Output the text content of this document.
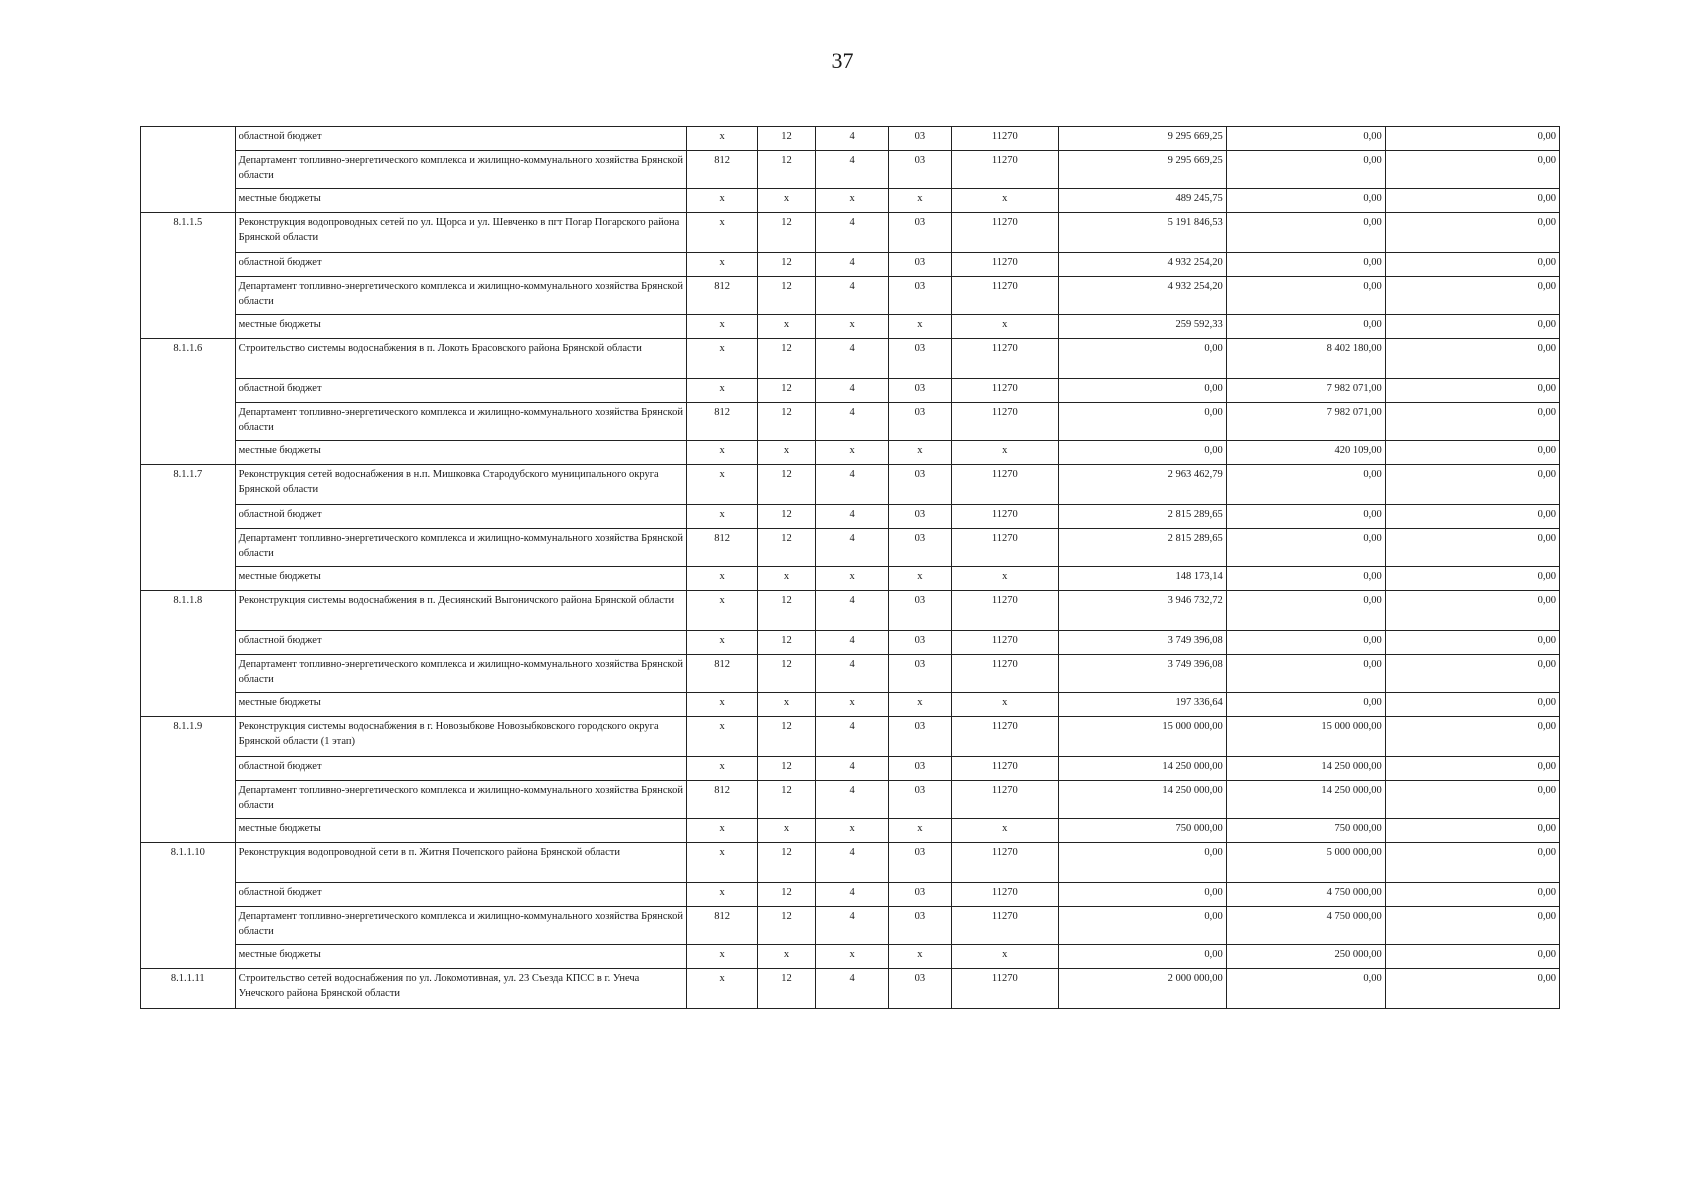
37
	областной бюджет	x	12	4	03	11270	9 295 669,25	0,00	0,00
	Департамент топливно-энергетического комплекса и жилищно-коммунального хозяйства Брянской области	812	12	4	03	11270	9 295 669,25	0,00	0,00
	местные бюджеты	x	x	x	x	x	489 245,75	0,00	0,00
8.1.1.5	Реконструкция водопроводных сетей по ул. Щорса и ул. Шевченко в пгт Погар Погарского района Брянской области	x	12	4	03	11270	5 191 846,53	0,00	0,00
	областной бюджет	x	12	4	03	11270	4 932 254,20	0,00	0,00
	Департамент топливно-энергетического комплекса и жилищно-коммунального хозяйства Брянской области	812	12	4	03	11270	4 932 254,20	0,00	0,00
	местные бюджеты	x	x	x	x	x	259 592,33	0,00	0,00
8.1.1.6	Строительство системы водоснабжения в п. Локоть Брасовского района Брянской области	x	12	4	03	11270	0,00	8 402 180,00	0,00
	областной бюджет	x	12	4	03	11270	0,00	7 982 071,00	0,00
	Департамент топливно-энергетического комплекса и жилищно-коммунального хозяйства Брянской области	812	12	4	03	11270	0,00	7 982 071,00	0,00
	местные бюджеты	x	x	x	x	x	0,00	420 109,00	0,00
8.1.1.7	Реконструкция сетей водоснабжения в н.п. Мишковка Стародубского муниципального округа Брянской области	x	12	4	03	11270	2 963 462,79	0,00	0,00
	областной бюджет	x	12	4	03	11270	2 815 289,65	0,00	0,00
	Департамент топливно-энергетического комплекса и жилищно-коммунального хозяйства Брянской области	812	12	4	03	11270	2 815 289,65	0,00	0,00
	местные бюджеты	x	x	x	x	x	148 173,14	0,00	0,00
8.1.1.8	Реконструкция системы водоснабжения в п. Десиянский Выгоничского района Брянской области	x	12	4	03	11270	3 946 732,72	0,00	0,00
	областной бюджет	x	12	4	03	11270	3 749 396,08	0,00	0,00
	Департамент топливно-энергетического комплекса и жилищно-коммунального хозяйства Брянской области	812	12	4	03	11270	3 749 396,08	0,00	0,00
	местные бюджеты	x	x	x	x	x	197 336,64	0,00	0,00
8.1.1.9	Реконструкция системы водоснабжения в г. Новозыбкове Новозыбковского городского округа Брянской области (1 этап)	x	12	4	03	11270	15 000 000,00	15 000 000,00	0,00
	областной бюджет	x	12	4	03	11270	14 250 000,00	14 250 000,00	0,00
	Департамент топливно-энергетического комплекса и жилищно-коммунального хозяйства Брянской области	812	12	4	03	11270	14 250 000,00	14 250 000,00	0,00
	местные бюджеты	x	x	x	x	x	750 000,00	750 000,00	0,00
8.1.1.10	Реконструкция водопроводной сети в п. Житня Почепского района Брянской области	x	12	4	03	11270	0,00	5 000 000,00	0,00
	областной бюджет	x	12	4	03	11270	0,00	4 750 000,00	0,00
	Департамент топливно-энергетического комплекса и жилищно-коммунального хозяйства Брянской области	812	12	4	03	11270	0,00	4 750 000,00	0,00
	местные бюджеты	x	x	x	x	x	0,00	250 000,00	0,00
8.1.1.11	Строительство сетей водоснабжения по ул. Локомотивная, ул. 23 Съезда КПСС в г. Унеча Унечского района Брянской области	x	12	4	03	11270	2 000 000,00	0,00	0,00
